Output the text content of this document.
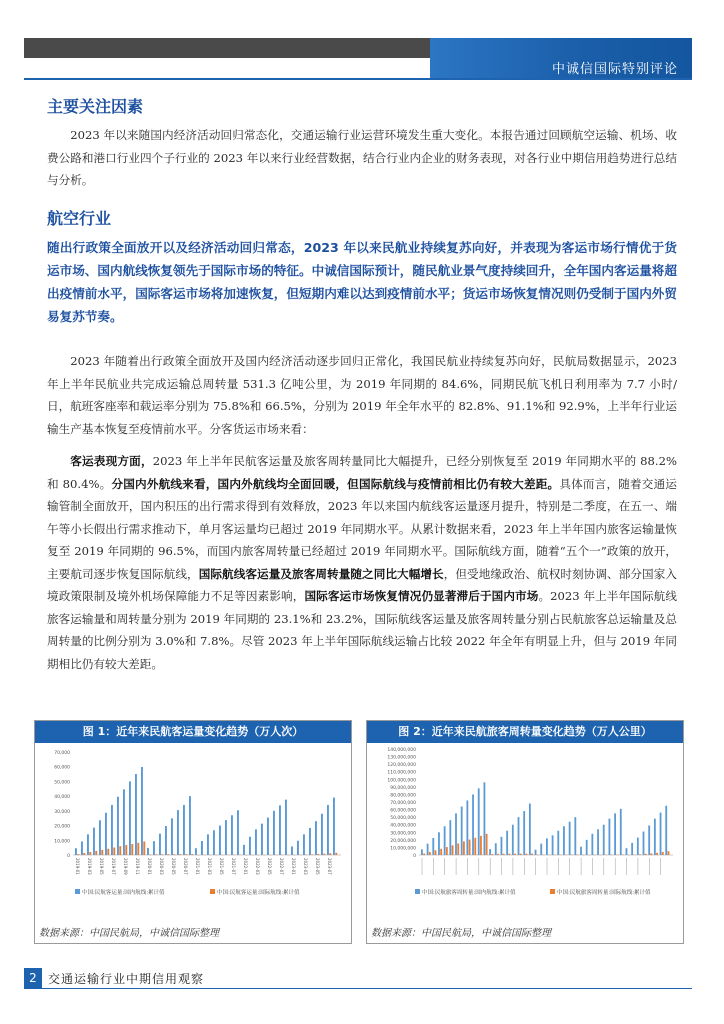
中诚信国际特别评论
主要关注因素

2023 年以来随国内经济活动回归常态化，交通运输行业运营环境发生重大变化。本报告通过回顾航空运输、机场、收费公路和港口行业四个子行业的 2023 年以来行业经营数据，结合行业内企业的财务表现，对各行业中期信用趋势进行总结与分析。

航空行业

随出行政策全面放开以及经济活动回归常态，2023 年以来民航业持续复苏向好，并表现为客运市场行情优于货运市场、国内航线恢复领先于国际市场的特征。中诚信国际预计，随民航业景气度持续回升，全年国内客运量将超出疫情前水平，国际客运市场将加速恢复，但短期内难以达到疫情前水平；货运市场恢复情况则仍受制于国内外贸易复苏节奏。

2023 年随着出行政策全面放开及国内经济活动逐步回归正常化，我国民航业持续复苏向好，民航局数据显示，2023 年上半年民航业共完成运输总周转量 531.3 亿吨公里，为 2019 年同期的 84.6%，同期民航飞机日利用率为 7.7 小时/日，航班客座率和载运率分别为 75.8%和 66.5%，分别为 2019 年全年水平的 82.8%、91.1%和 92.9%，上半年行业运输生产基本恢复至疫情前水平。分客货运市场来看：

客运表现方面，2023 年上半年民航客运量及旅客周转量同比大幅提升，已经分别恢复至 2019 年同期水平的 88.2%和 80.4%。分国内外航线来看，国内外航线均全面回暖，但国际航线与疫情前相比仍有较大差距。具体而言，随着交通运输管制全面放开，国内积压的出行需求得到有效释放，2023 年以来国内航线客运量逐月提升，特别是二季度，在五一、端午等小长假出行需求推动下，单月客运量均已超过 2019 年同期水平。从累计数据来看，2023 年上半年国内旅客运输量恢复至 2019 年同期的 96.5%，而国内旅客周转量已经超过 2019 年同期水平。国际航线方面，随着“五个一”政策的放开，主要航司逐步恢复国际航线，国际航线客运量及旅客周转量随之同比大幅增长，但受地缘政治、航权时刻协调、部分国家入境政策限制及境外机场保障能力不足等因素影响，国际客运市场恢复情况仍显著滞后于国内市场。2023 年上半年国际航线旅客运输量和周转量分别为 2019 年同期的 23.1%和 23.2%，国际航线客运量及旅客周转量分别占民航旅客总运输量及总周转量的比例分别为 3.0%和 7.8%。尽管 2023 年上半年国际航线运输占比较 2022 年全年有明显上升，但与 2019 年同期相比仍有较大差距。

图 1：近年来民航客运量变化趋势（万人次）
0
10,000
20,000
30,000
40,000
50,000
60,000
70,000
2019-01 2019-03 2019-05 2019-07 2019-09 2019-11 2020-01 2020-03 2020-05 2020-07 2021-01 2021-03 2021-05 2021-07 2022-01 2022-03 2022-05 2022-07 2023-01 2023-03 2023-05 2023-07
中国:民航客运量:国内航线:累计值	中国:民航客运量:国际航线:累计值
数据来源：中国民航局，中诚信国际整理
图 2：近年来民航旅客周转量变化趋势（万人公里）
0
10,000,000
20,000,000
30,000,000
40,000,000
50,000,000
60,000,000
70,000,000
80,000,000
90,000,000
100,000,000
110,000,000
120,000,000
130,000,000
140,000,000
中国:民航旅客周转量:国内航线:累计值	中国:民航旅客周转量:国际航线:累计值
数据来源：中国民航局，中诚信国际整理
2 交通运输行业中期信用观察
